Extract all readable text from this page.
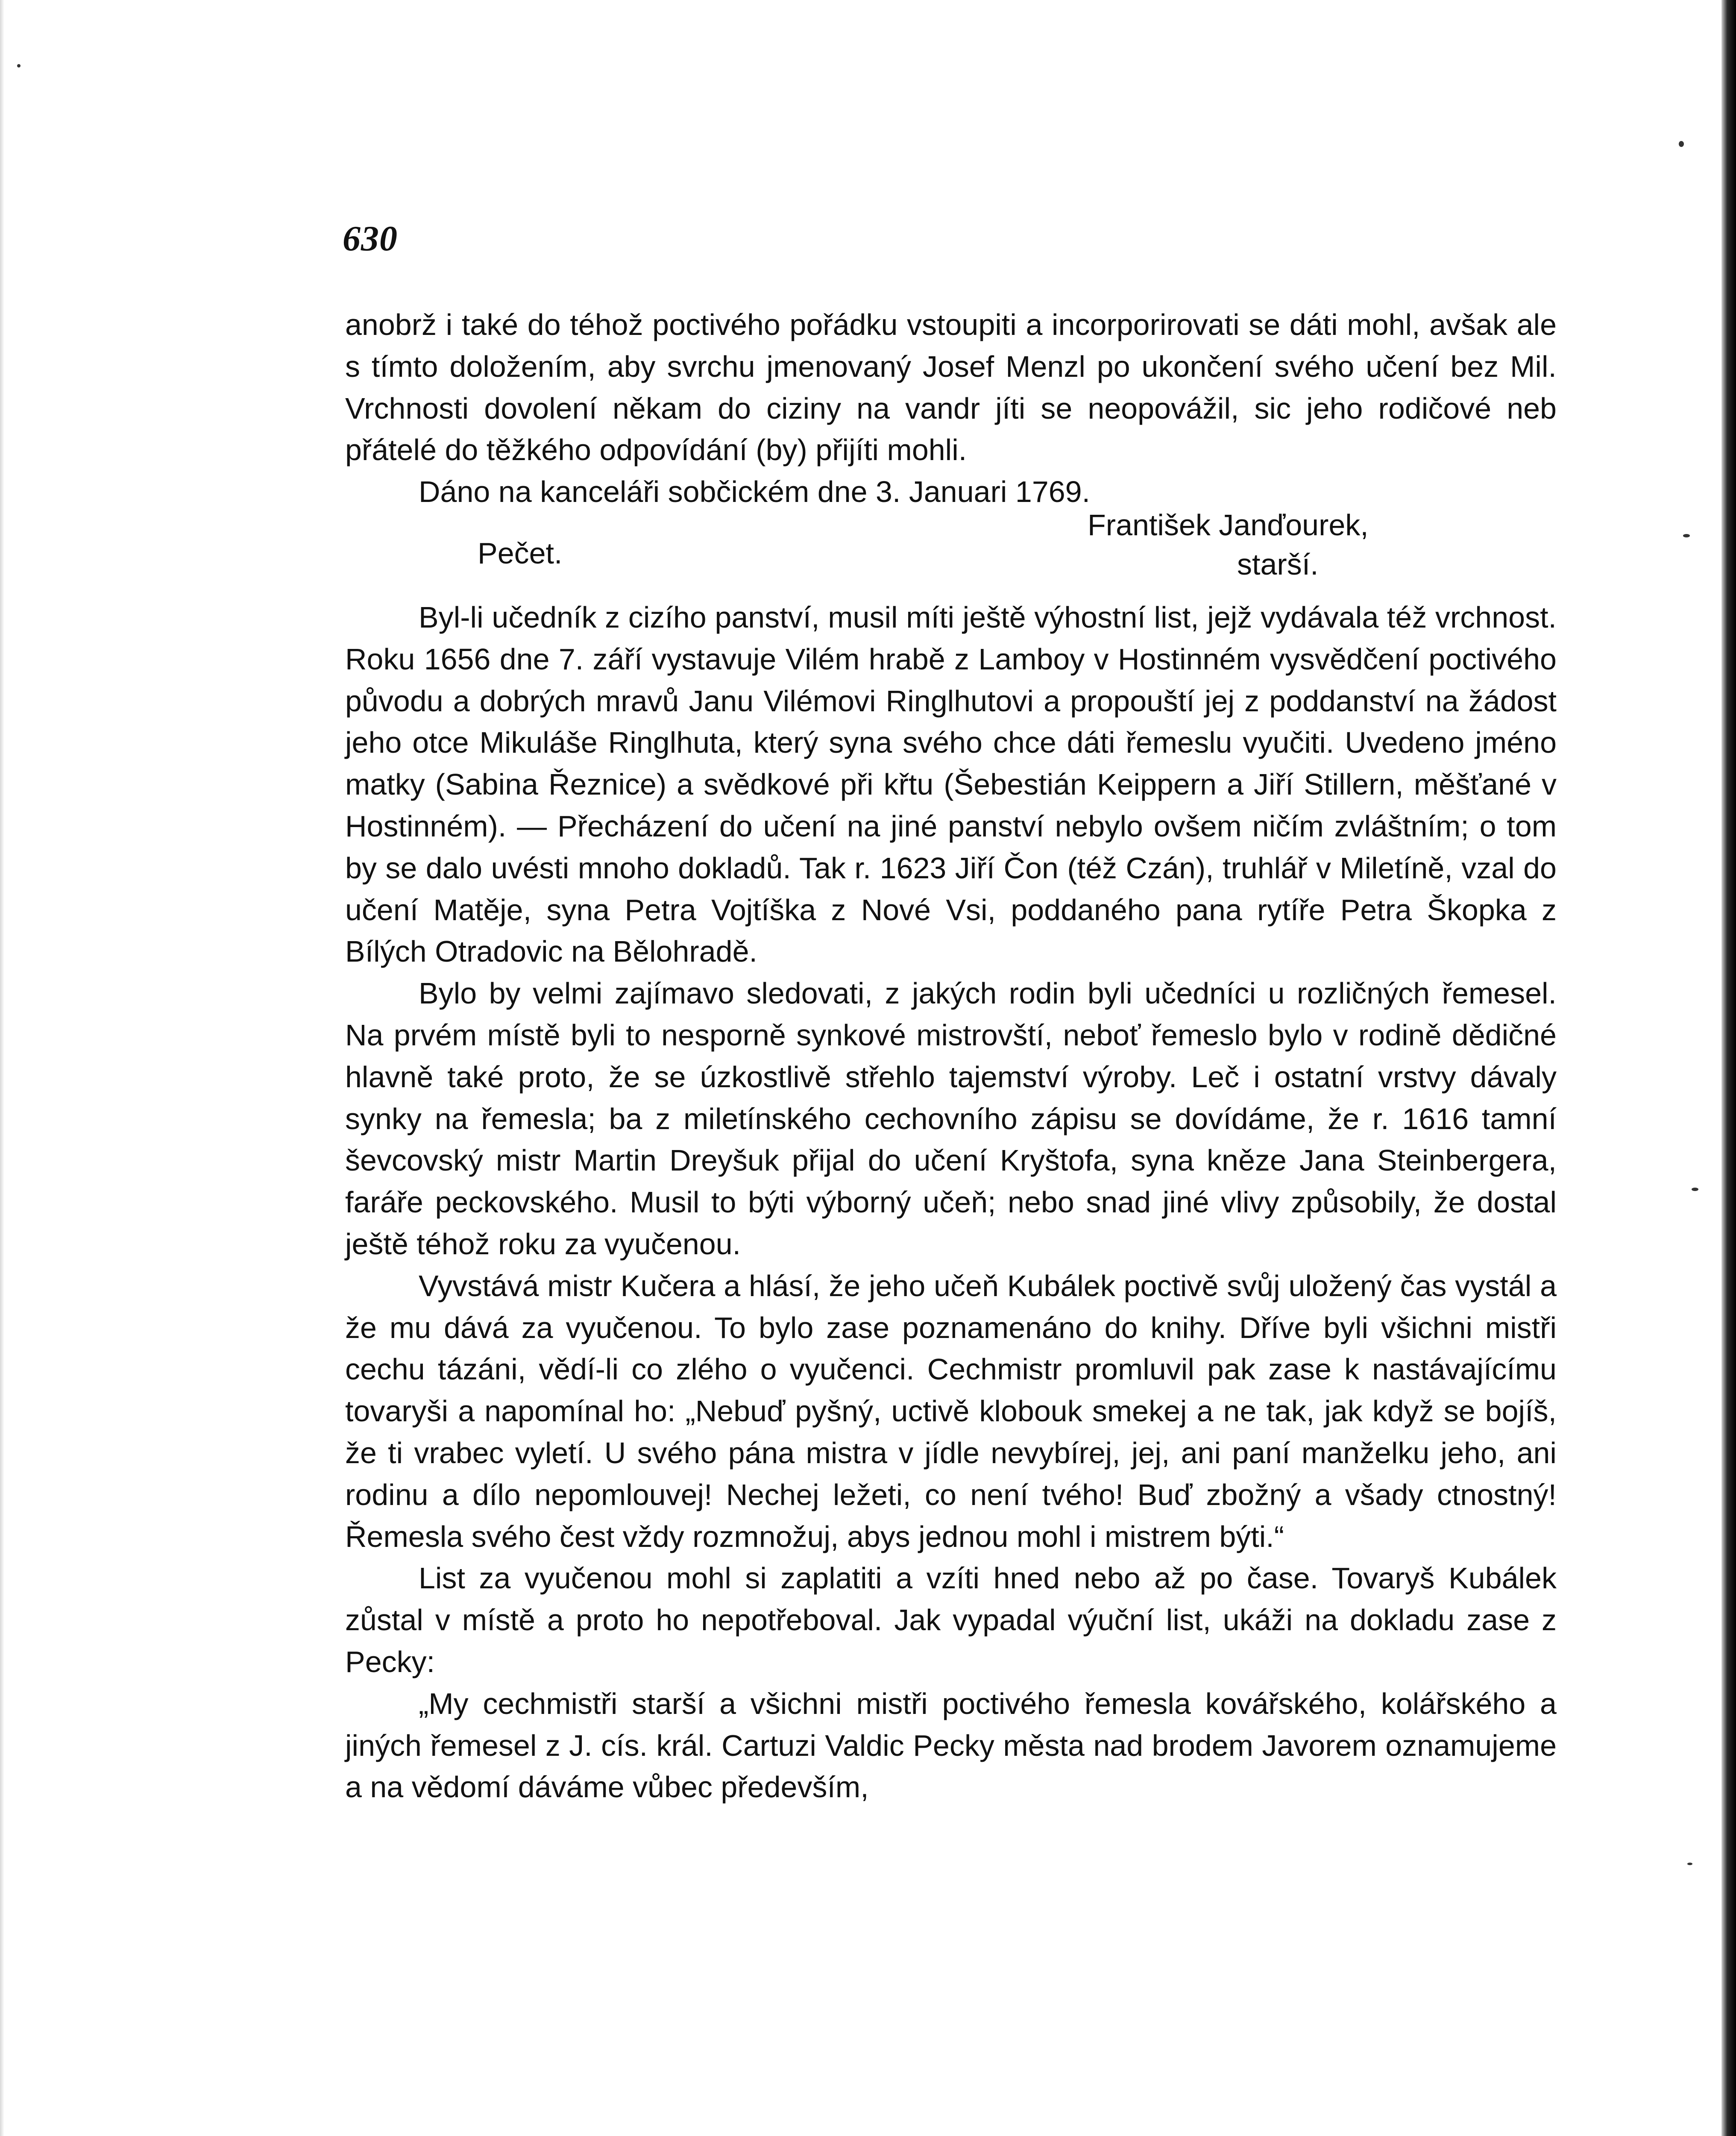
630

anobrž i také do téhož poctivého pořádku vstoupiti a incorporirovati se dáti mohl, avšak ale s tímto doložením, aby svrchu jmenovaný Josef Menzl po ukončení svého učení bez Mil. Vrchnosti dovolení někam do ciziny na vandr jíti se neopovážil, sic jeho rodičové neb přátelé do těžkého odpovídání (by) přijíti mohli.

Dáno na kanceláři sobčickém dne 3. Januari 1769.

Pečet.
František Janďourek,
starší.

Byl-li učedník z cizího panství, musil míti ještě výhostní list, jejž vydávala též vrchnost. Roku 1656 dne 7. září vystavuje Vilém hrabě z Lamboy v Hostinném vysvědčení poctivého původu a dobrých mravů Janu Vilémovi Ringlhutovi a propouští jej z poddanství na žádost jeho otce Mikuláše Ringlhuta, který syna svého chce dáti řemeslu vyučiti. Uvedeno jméno matky (Sabina Řeznice) a svědkové při křtu (Šebestián Keippern a Jiří Stillern, měšťané v Hostinném). — Přecházení do učení na jiné panství nebylo ovšem ničím zvláštním; o tom by se dalo uvésti mnoho dokladů. Tak r. 1623 Jiří Čon (též Czán), truhlář v Miletíně, vzal do učení Matěje, syna Petra Vojtíška z Nové Vsi, poddaného pana rytíře Petra Škopka z Bílých Otradovic na Bělohradě.

Bylo by velmi zajímavo sledovati, z jakých rodin byli učedníci u rozličných řemesel. Na prvém místě byli to nesporně synkové mistrovští, neboť řemeslo bylo v rodině dědičné hlavně také proto, že se úzkostlivě střehlo tajemství výroby. Leč i ostatní vrstvy dávaly synky na řemesla; ba z miletínského cechovního zápisu se dovídáme, že r. 1616 tamní ševcovský mistr Martin Dreyšuk přijal do učení Kryštofa, syna kněze Jana Steinbergera, faráře peckovského. Musil to býti výborný učeň; nebo snad jiné vlivy způsobily, že dostal ještě téhož roku za vyučenou.

Vyvstává mistr Kučera a hlásí, že jeho učeň Kubálek poctivě svůj uložený čas vystál a že mu dává za vyučenou. To bylo zase poznamenáno do knihy. Dříve byli všichni mistři cechu tázáni, vědí-li co zlého o vyučenci. Cechmistr promluvil pak zase k nastávajícímu tovaryši a napomínal ho: „Nebuď pyšný, uctivě klobouk smekej a ne tak, jak když se bojíš, že ti vrabec vyletí. U svého pána mistra v jídle nevybírej, jej, ani paní manželku jeho, ani rodinu a dílo nepomlouvej! Nechej ležeti, co není tvého! Buď zbožný a všady ctnostný! Řemesla svého čest vždy rozmnožuj, abys jednou mohl i mistrem býti.“

List za vyučenou mohl si zaplatiti a vzíti hned nebo až po čase. Tovaryš Kubálek zůstal v místě a proto ho nepotřeboval. Jak vypadal výuční list, ukáži na dokladu zase z Pecky:

„My cechmistři starší a všichni mistři poctivého řemesla kovářského, kolářského a jiných řemesel z J. cís. král. Cartuzi Valdic Pecky města nad brodem Javorem oznamujeme a na vědomí dáváme vůbec především,
